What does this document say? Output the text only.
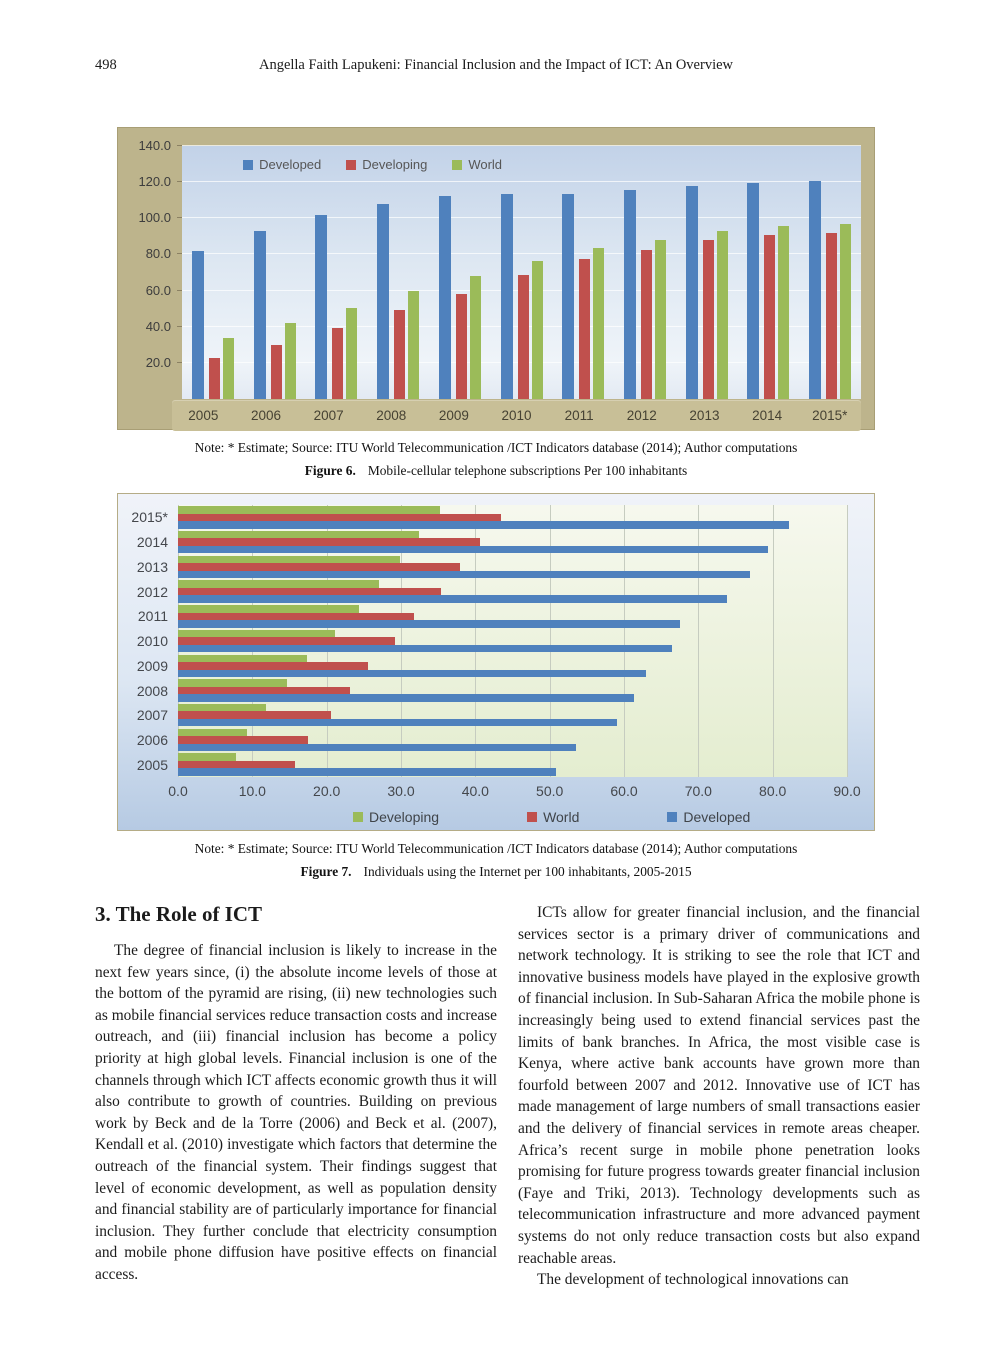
498	Angella Faith Lapukeni: Financial Inclusion and the Impact of ICT: An Overview
20.0
40.0
60.0
80.0
100.0
120.0
140.0
Developed	Developing	World
2005	2006	2007	2008	2009	2010	2011	2012	2013	2014	2015*
Note: * Estimate; Source: ITU World Telecommunication /ICT Indicators database (2014); Author computations
Figure 6. Mobile-cellular telephone subscriptions Per 100 inhabitants
2015*
2014
2013
2012
2011
2010
2009
2008
2007
2006
2005
0.0	10.0	20.0	30.0	40.0	50.0	60.0	70.0	80.0	90.0
Developing	World	Developed
Note: * Estimate; Source: ITU World Telecommunication /ICT Indicators database (2014); Author computations
Figure 7. Individuals using the Internet per 100 inhabitants, 2005-2015
3. The Role of ICT

The degree of financial inclusion is likely to increase in the next few years since, (i) the absolute income levels of those at the bottom of the pyramid are rising, (ii) new technologies such as mobile financial services reduce transaction costs and increase outreach, and (iii) financial inclusion has become a policy priority at high global levels. Financial inclusion is one of the channels through which ICT affects economic growth thus it will also contribute to growth of countries. Building on previous work by Beck and de la Torre (2006) and Beck et al. (2007), Kendall et al. (2010) investigate which factors that determine the outreach of the financial system. Their findings suggest that level of economic development, as well as population density and financial stability are of particularly importance for financial inclusion. They further conclude that electricity consumption and mobile phone diffusion have positive effects on financial access.

ICTs allow for greater financial inclusion, and the financial services sector is a primary driver of communications and network technology. It is striking to see the role that ICT and innovative business models have played in the explosive growth of financial inclusion. In Sub-Saharan Africa the mobile phone is increasingly being used to extend financial services past the limits of bank branches. In Africa, the most visible case is Kenya, where active bank accounts have grown more than fourfold between 2007 and 2012. Innovative use of ICT has made management of large numbers of small transactions easier and the delivery of financial services in remote areas cheaper. Africa’s recent surge in mobile phone penetration looks promising for future progress towards greater financial inclusion (Faye and Triki, 2013). Technology developments such as telecommunication infrastructure and more advanced payment systems do not only reduce transaction costs but also expand reachable areas.

The development of technological innovations can
